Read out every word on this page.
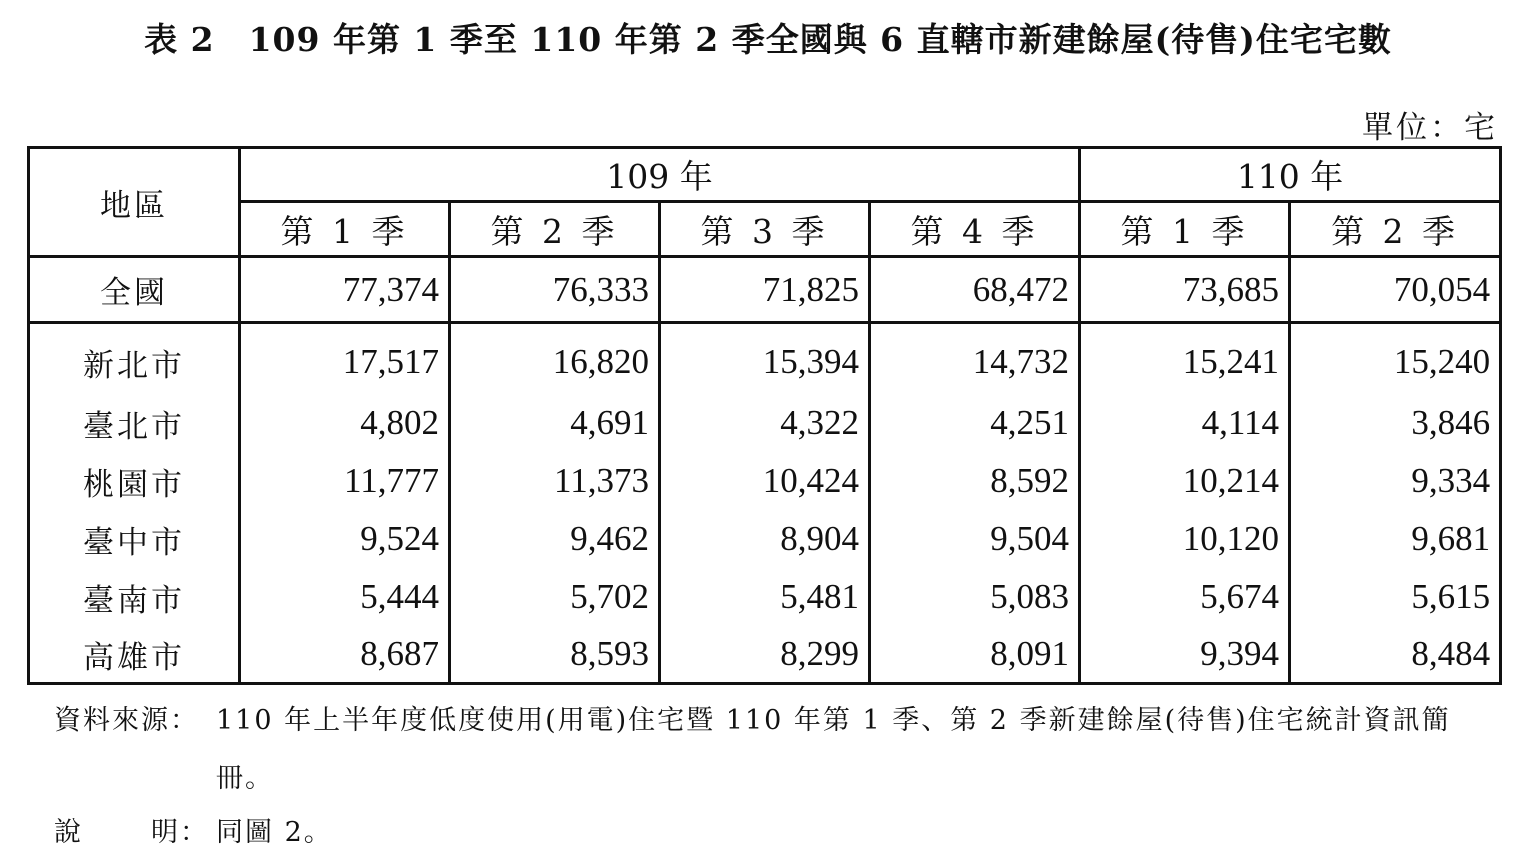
表 2　109 年第 1 季至 110 年第 2 季全國與 6 直轄市新建餘屋(待售)住宅宅數
單位：宅
地區	109 年				110 年	
	第 1 季	第 2 季	第 3 季	第 4 季	第 1 季	第 2 季
全國	77,374	76,333	71,825	68,472	73,685	70,054
新北市	17,517	16,820	15,394	14,732	15,241	15,240
臺北市	4,802	4,691	4,322	4,251	4,114	3,846
桃園市	11,777	11,373	10,424	8,592	10,214	9,334
臺中市	9,524	9,462	8,904	9,504	10,120	9,681
臺南市	5,444	5,702	5,481	5,083	5,674	5,615
高雄市	8,687	8,593	8,299	8,091	9,394	8,484
資料來源： 110 年上半年度低度使用(用電)住宅暨 110 年第 1 季、第 2 季新建餘屋(待售)住宅統計資訊簡冊。
說	明： 同圖 2。
